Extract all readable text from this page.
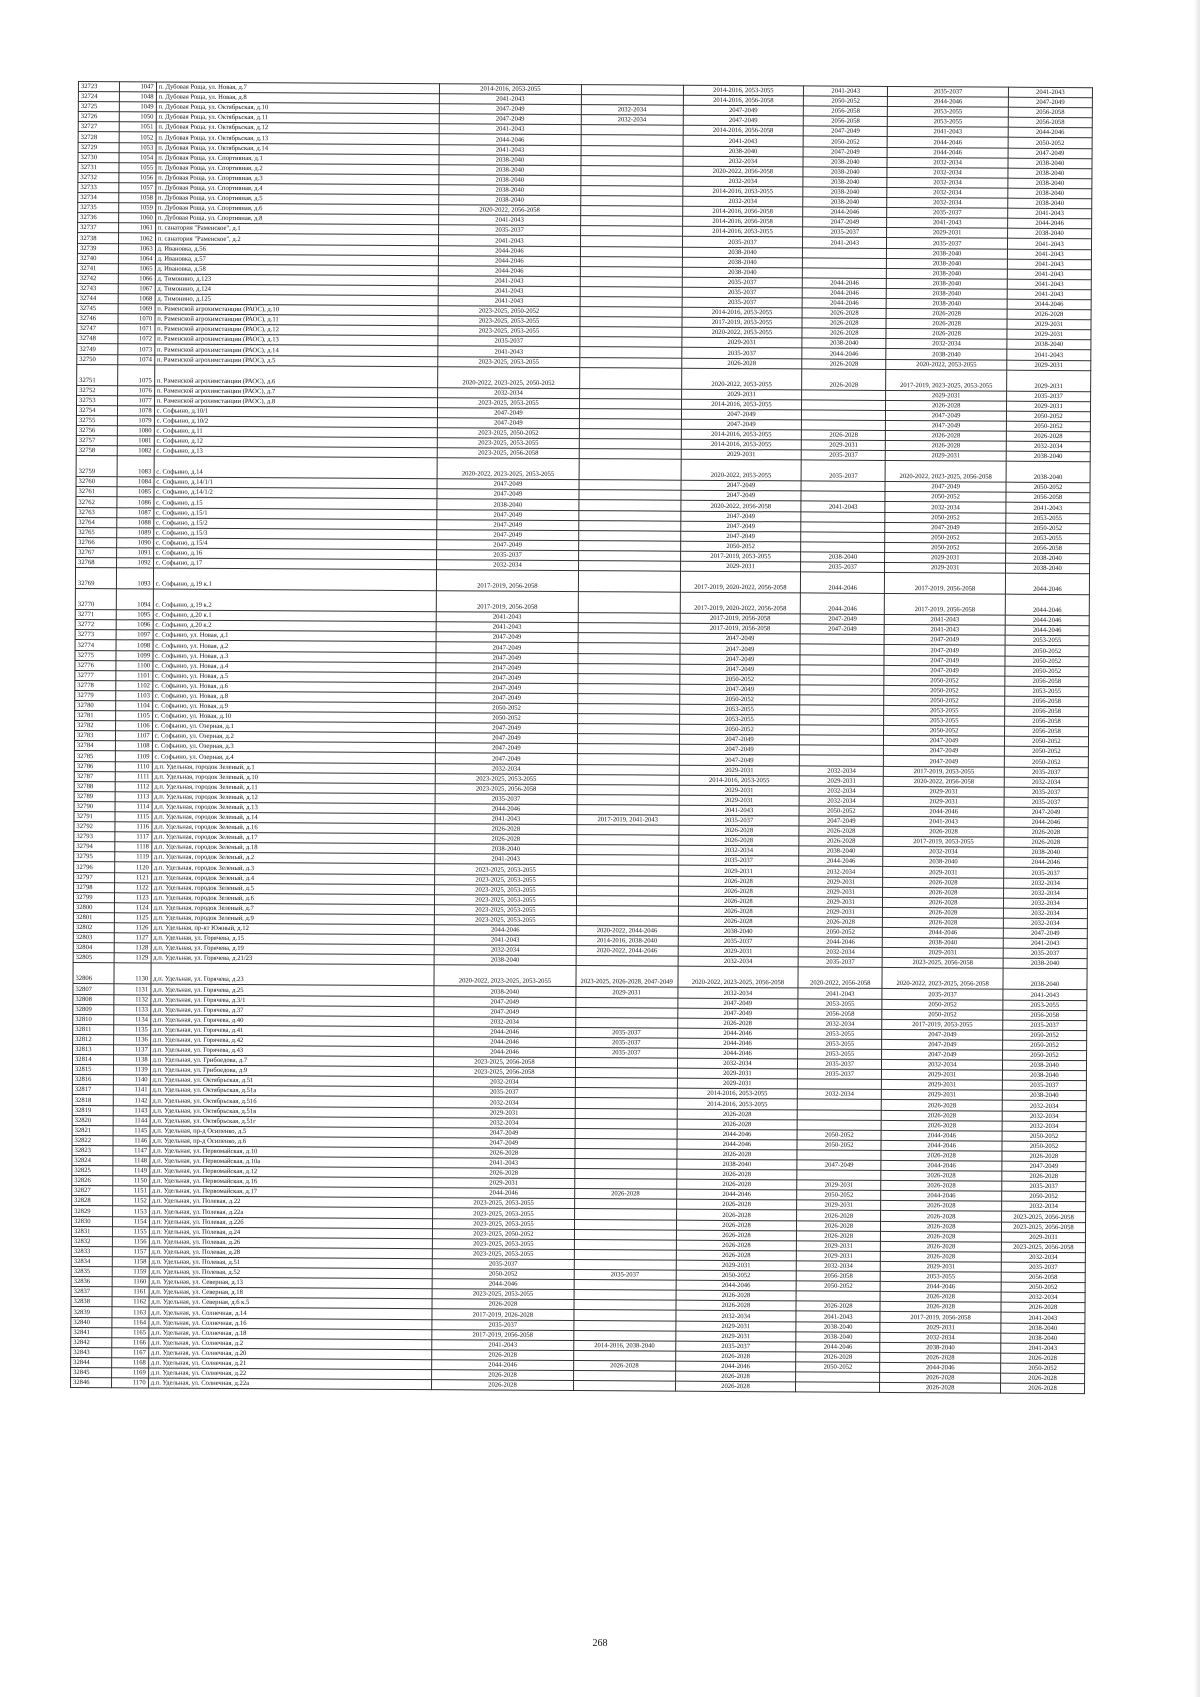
32723	1047	п. Дубовая Роща, ул. Новая, д.7	2014-2016, 2053-2055		2014-2016, 2053-2055	2041-2043	2035-2037	2041-2043
32724	1048	п. Дубовая Роща, ул. Новая, д.8	2041-2043		2014-2016, 2056-2058	2050-2052	2044-2046	2047-2049
32725	1049	п. Дубовая Роща, ул. Октябрьская, д.10	2047-2049	2032-2034	2047-2049	2056-2058	2053-2055	2056-2058
32726	1050	п. Дубовая Роща, ул. Октябрьская, д.11	2047-2049	2032-2034	2047-2049	2056-2058	2053-2055	2056-2058
32727	1051	п. Дубовая Роща, ул. Октябрьская, д.12	2041-2043		2014-2016, 2056-2058	2047-2049	2041-2043	2044-2046
32728	1052	п. Дубовая Роща, ул. Октябрьская, д.13	2044-2046		2041-2043	2050-2052	2044-2046	2050-2052
32729	1053	п. Дубовая Роща, ул. Октябрьская, д.14	2041-2043		2038-2040	2047-2049	2044-2046	2047-2049
32730	1054	п. Дубовая Роща, ул. Спортивная, д.1	2038-2040		2032-2034	2038-2040	2032-2034	2038-2040
32731	1055	п. Дубовая Роща, ул. Спортивная, д.2	2038-2040		2020-2022, 2056-2058	2038-2040	2032-2034	2038-2040
32732	1056	п. Дубовая Роща, ул. Спортивная, д.3	2038-2040		2032-2034	2038-2040	2032-2034	2038-2040
32733	1057	п. Дубовая Роща, ул. Спортивная, д.4	2038-2040		2014-2016, 2053-2055	2038-2040	2032-2034	2038-2040
32734	1058	п. Дубовая Роща, ул. Спортивная, д.5	2038-2040		2032-2034	2038-2040	2032-2034	2038-2040
32735	1059	п. Дубовая Роща, ул. Спортивная, д.6	2020-2022, 2056-2058		2014-2016, 2056-2058	2044-2046	2035-2037	2041-2043
32736	1060	п. Дубовая Роща, ул. Спортивная, д.8	2041-2043		2014-2016, 2056-2058	2047-2049	2041-2043	2044-2046
32737	1061	п. санатория "Раменское", д.1	2035-2037		2014-2016, 2053-2055	2035-2037	2029-2031	2038-2040
32738	1062	п. санатория "Раменское", д.2	2041-2043		2035-2037	2041-2043	2035-2037	2041-2043
32739	1063	д. Ивановка, д.56	2044-2046		2038-2040		2038-2040	2041-2043
32740	1064	д. Ивановка, д.57	2044-2046		2038-2040		2038-2040	2041-2043
32741	1065	д. Ивановка, д.58	2044-2046		2038-2040		2038-2040	2041-2043
32742	1066	д. Тимонино, д.123	2041-2043		2035-2037	2044-2046	2038-2040	2041-2043
32743	1067	д. Тимонино, д.124	2041-2043		2035-2037	2044-2046	2038-2040	2041-2043
32744	1068	д. Тимонино, д.125	2041-2043		2035-2037	2044-2046	2038-2040	2044-2046
32745	1069	п. Раменской агрохимстанции (РАОС), д.10	2023-2025, 2050-2052		2014-2016, 2053-2055	2026-2028	2026-2028	2026-2028
32746	1070	п. Раменской агрохимстанции (РАОС), д.11	2023-2025, 2053-2055		2017-2019, 2053-2055	2026-2028	2026-2028	2029-2031
32747	1071	п. Раменской агрохимстанции (РАОС), д.12	2023-2025, 2053-2055		2020-2022, 2053-2055	2026-2028	2026-2028	2029-2031
32748	1072	п. Раменской агрохимстанции (РАОС), д.13	2035-2037		2029-2031	2038-2040	2032-2034	2038-2040
32749	1073	п. Раменской агрохимстанции (РАОС), д.14	2041-2043		2035-2037	2044-2046	2038-2040	2041-2043
32750	1074	п. Раменской агрохимстанции (РАОС), д.5	2023-2025, 2053-2055		2026-2028	2026-2028	2020-2022, 2053-2055	2029-2031
32751	1075	п. Раменской агрохимстанции (РАОС), д.6	2020-2022, 2023-2025, 2050-2052		2020-2022, 2053-2055	2026-2028	2017-2019, 2023-2025, 2053-2055	2029-2031
32752	1076	п. Раменской агрохимстанции (РАОС), д.7	2032-2034		2029-2031		2029-2031	2035-2037
32753	1077	п. Раменской агрохимстанции (РАОС), д.8	2023-2025, 2053-2055		2014-2016, 2053-2055		2026-2028	2029-2031
32754	1078	с. Софьино, д.10/1	2047-2049		2047-2049		2047-2049	2050-2052
32755	1079	с. Софьино, д.10/2	2047-2049		2047-2049		2047-2049	2050-2052
32756	1080	с. Софьино, д.11	2023-2025, 2050-2052		2014-2016, 2053-2055	2026-2028	2026-2028	2026-2028
32757	1081	с. Софьино, д.12	2023-2025, 2053-2055		2014-2016, 2053-2055	2029-2031	2026-2028	2032-2034
32758	1082	с. Софьино, д.13	2023-2025, 2056-2058		2029-2031	2035-2037	2029-2031	2038-2040
32759	1083	с. Софьино, д.14	2020-2022, 2023-2025, 2053-2055		2020-2022, 2053-2055	2035-2037	2020-2022, 2023-2025, 2056-2058	2038-2040
32760	1084	с. Софьино, д.14/1/1	2047-2049		2047-2049		2047-2049	2050-2052
32761	1085	с. Софьино, д.14/1/2	2047-2049		2047-2049		2050-2052	2056-2058
32762	1086	с. Софьино, д.15	2038-2040		2020-2022, 2056-2058	2041-2043	2032-2034	2041-2043
32763	1087	с. Софьино, д.15/1	2047-2049		2047-2049		2050-2052	2053-2055
32764	1088	с. Софьино, д.15/2	2047-2049		2047-2049		2047-2049	2050-2052
32765	1089	с. Софьино, д.15/3	2047-2049		2047-2049		2050-2052	2053-2055
32766	1090	с. Софьино, д.15/4	2047-2049		2050-2052		2050-2052	2056-2058
32767	1091	с. Софьино, д.16	2035-2037		2017-2019, 2053-2055	2038-2040	2029-2031	2038-2040
32768	1092	с. Софьино, д.17	2032-2034		2029-2031	2035-2037	2029-2031	2038-2040
32769	1093	с. Софьино, д.19 к.1	2017-2019, 2056-2058		2017-2019, 2020-2022, 2056-2058	2044-2046	2017-2019, 2056-2058	2044-2046
32770	1094	с. Софьино, д.19 к.2	2017-2019, 2056-2058		2017-2019, 2020-2022, 2056-2058	2044-2046	2017-2019, 2056-2058	2044-2046
32771	1095	с. Софьино, д.20 к.1	2041-2043		2017-2019, 2056-2058	2047-2049	2041-2043	2044-2046
32772	1096	с. Софьино, д.20 к.2	2041-2043		2017-2019, 2056-2058	2047-2049	2041-2043	2044-2046
32773	1097	с. Софьино, ул. Новая, д.1	2047-2049		2047-2049		2047-2049	2053-2055
32774	1098	с. Софьино, ул. Новая, д.2	2047-2049		2047-2049		2047-2049	2050-2052
32775	1099	с. Софьино, ул. Новая, д.3	2047-2049		2047-2049		2047-2049	2050-2052
32776	1100	с. Софьино, ул. Новая, д.4	2047-2049		2047-2049		2047-2049	2050-2052
32777	1101	с. Софьино, ул. Новая, д.5	2047-2049		2050-2052		2050-2052	2056-2058
32778	1102	с. Софьино, ул. Новая, д.6	2047-2049		2047-2049		2050-2052	2053-2055
32779	1103	с. Софьино, ул. Новая, д.8	2047-2049		2050-2052		2050-2052	2056-2058
32780	1104	с. Софьино, ул. Новая, д.9	2050-2052		2053-2055		2053-2055	2056-2058
32781	1105	с. Софьино, ул. Новая, д.10	2050-2052		2053-2055		2053-2055	2056-2058
32782	1106	с. Софьино, ул. Озерная, д.1	2047-2049		2050-2052		2050-2052	2056-2058
32783	1107	с. Софьино, ул. Озерная, д.2	2047-2049		2047-2049		2047-2049	2050-2052
32784	1108	с. Софьино, ул. Озерная, д.3	2047-2049		2047-2049		2047-2049	2050-2052
32785	1109	с. Софьино, ул. Озерная, д.4	2047-2049		2047-2049		2047-2049	2050-2052
32786	1110	д.п. Удельная, городок Зеленый, д.1	2032-2034		2029-2031	2032-2034	2017-2019, 2053-2055	2035-2037
32787	1111	д.п. Удельная, городок Зеленый, д.10	2023-2025, 2053-2055		2014-2016, 2053-2055	2029-2031	2020-2022, 2056-2058	2032-2034
32788	1112	д.п. Удельная, городок Зеленый, д.11	2023-2025, 2056-2058		2029-2031	2032-2034	2029-2031	2035-2037
32789	1113	д.п. Удельная, городок Зеленый, д.12	2035-2037		2029-2031	2032-2034	2029-2031	2035-2037
32790	1114	д.п. Удельная, городок Зеленый, д.13	2044-2046		2041-2043	2050-2052	2044-2046	2047-2049
32791	1115	д.п. Удельная, городок Зеленый, д.14	2041-2043	2017-2019, 2041-2043	2035-2037	2047-2049	2041-2043	2044-2046
32792	1116	д.п. Удельная, городок Зеленый, д.16	2026-2028		2026-2028	2026-2028	2026-2028	2026-2028
32793	1117	д.п. Удельная, городок Зеленый, д.17	2026-2028		2026-2028	2026-2028	2017-2019, 2053-2055	2026-2028
32794	1118	д.п. Удельная, городок Зеленый, д.18	2038-2040		2032-2034	2038-2040	2032-2034	2038-2040
32795	1119	д.п. Удельная, городок Зеленый, д.2	2041-2043		2035-2037	2044-2046	2038-2040	2044-2046
32796	1120	д.п. Удельная, городок Зеленый, д.3	2023-2025, 2053-2055		2029-2031	2032-2034	2029-2031	2035-2037
32797	1121	д.п. Удельная, городок Зеленый, д.4	2023-2025, 2053-2055		2026-2028	2029-2031	2026-2028	2032-2034
32798	1122	д.п. Удельная, городок Зеленый, д.5	2023-2025, 2053-2055		2026-2028	2029-2031	2026-2028	2032-2034
32799	1123	д.п. Удельная, городок Зеленый, д.6	2023-2025, 2053-2055		2026-2028	2029-2031	2026-2028	2032-2034
32800	1124	д.п. Удельная, городок Зеленый, д.7	2023-2025, 2053-2055		2026-2028	2029-2031	2026-2028	2032-2034
32801	1125	д.п. Удельная, городок Зеленый, д.9	2023-2025, 2053-2055		2026-2028	2026-2028	2026-2028	2032-2034
32802	1126	д.п. Удельная, пр-кт Южный, д.12	2044-2046	2020-2022, 2044-2046	2038-2040	2050-2052	2044-2046	2047-2049
32803	1127	д.п. Удельная, ул. Горячева, д.15	2041-2043	2014-2016, 2038-2040	2035-2037	2044-2046	2038-2040	2041-2043
32804	1128	д.п. Удельная, ул. Горячева, д.19	2032-2034	2020-2022, 2044-2046	2029-2031	2032-2034	2029-2031	2035-2037
32805	1129	д.п. Удельная, ул. Горячева, д.21/23	2038-2040		2032-2034	2035-2037	2023-2025, 2056-2058	2038-2040
32806	1130	д.п. Удельная, ул. Горячева, д.23	2020-2022, 2023-2025, 2053-2055	2023-2025, 2026-2028, 2047-2049	2020-2022, 2023-2025, 2056-2058	2020-2022, 2056-2058	2020-2022, 2023-2025, 2056-2058	2038-2040
32807	1131	д.п. Удельная, ул. Горячева, д.25	2038-2040	2029-2031	2032-2034	2041-2043	2035-2037	2041-2043
32808	1132	д.п. Удельная, ул. Горячева, д.3/1	2047-2049		2047-2049	2053-2055	2050-2052	2053-2055
32809	1133	д.п. Удельная, ул. Горячева, д.37	2047-2049		2047-2049	2056-2058	2050-2052	2056-2058
32810	1134	д.п. Удельная, ул. Горячева, д.40	2032-2034		2026-2028	2032-2034	2017-2019, 2053-2055	2035-2037
32811	1135	д.п. Удельная, ул. Горячева, д.41	2044-2046	2035-2037	2044-2046	2053-2055	2047-2049	2050-2052
32812	1136	д.п. Удельная, ул. Горячева, д.42	2044-2046	2035-2037	2044-2046	2053-2055	2047-2049	2050-2052
32813	1137	д.п. Удельная, ул. Горячева, д.43	2044-2046	2035-2037	2044-2046	2053-2055	2047-2049	2050-2052
32814	1138	д.п. Удельная, ул. Грибоедова, д.7	2023-2025, 2056-2058		2032-2034	2035-2037	2032-2034	2038-2040
32815	1139	д.п. Удельная, ул. Грибоедова, д.9	2023-2025, 2056-2058		2029-2031	2035-2037	2029-2031	2038-2040
32816	1140	д.п. Удельная, ул. Октябрьская, д.51	2032-2034		2029-2031		2029-2031	2035-2037
32817	1141	д.п. Удельная, ул. Октябрьская, д.51а	2035-2037		2014-2016, 2053-2055	2032-2034	2029-2031	2038-2040
32818	1142	д.п. Удельная, ул. Октябрьская, д.51б	2032-2034		2014-2016, 2053-2055		2026-2028	2032-2034
32819	1143	д.п. Удельная, ул. Октябрьская, д.51в	2029-2031		2026-2028		2026-2028	2032-2034
32820	1144	д.п. Удельная, ул. Октябрьская, д.51г	2032-2034		2026-2028		2026-2028	2032-2034
32821	1145	д.п. Удельная, пр-д Осипенко, д.5	2047-2049		2044-2046	2050-2052	2044-2046	2050-2052
32822	1146	д.п. Удельная, пр-д Осипенко, д.6	2047-2049		2044-2046	2050-2052	2044-2046	2050-2052
32823	1147	д.п. Удельная, ул. Первомайская, д.10	2026-2028		2026-2028		2026-2028	2026-2028
32824	1148	д.п. Удельная, ул. Первомайская, д.10а	2041-2043		2038-2040	2047-2049	2044-2046	2047-2049
32825	1149	д.п. Удельная, ул. Первомайская, д.12	2026-2028		2026-2028		2026-2028	2026-2028
32826	1150	д.п. Удельная, ул. Первомайская, д.16	2029-2031		2026-2028	2029-2031	2026-2028	2035-2037
32827	1151	д.п. Удельная, ул. Первомайская, д.17	2044-2046	2026-2028	2044-2046	2050-2052	2044-2046	2050-2052
32828	1152	д.п. Удельная, ул. Полевая, д.22	2023-2025, 2053-2055		2026-2028	2029-2031	2026-2028	2032-2034
32829	1153	д.п. Удельная, ул. Полевая, д.22а	2023-2025, 2053-2055		2026-2028	2026-2028	2026-2028	2023-2025, 2056-2058
32830	1154	д.п. Удельная, ул. Полевая, д.22б	2023-2025, 2053-2055		2026-2028	2026-2028	2026-2028	2023-2025, 2056-2058
32831	1155	д.п. Удельная, ул. Полевая, д.24	2023-2025, 2050-2052		2026-2028	2026-2028	2026-2028	2029-2031
32832	1156	д.п. Удельная, ул. Полевая, д.26	2023-2025, 2053-2055		2026-2028	2029-2031	2026-2028	2023-2025, 2056-2058
32833	1157	д.п. Удельная, ул. Полевая, д.28	2023-2025, 2053-2055		2026-2028	2029-2031	2026-2028	2032-2034
32834	1158	д.п. Удельная, ул. Полевая, д.51	2035-2037		2029-2031	2032-2034	2029-2031	2035-2037
32835	1159	д.п. Удельная, ул. Полевая, д.52	2050-2052	2035-2037	2050-2052	2056-2058	2053-2055	2056-2058
32836	1160	д.п. Удельная, ул. Северная, д.13	2044-2046		2044-2046	2050-2052	2044-2046	2050-2052
32837	1161	д.п. Удельная, ул. Северная, д.18	2023-2025, 2053-2055		2026-2028		2026-2028	2032-2034
32838	1162	д.п. Удельная, ул. Северная, д.6 к.5	2026-2028		2026-2028	2026-2028	2026-2028	2026-2028
32839	1163	д.п. Удельная, ул. Солнечная, д.14	2017-2019, 2026-2028		2032-2034	2041-2043	2017-2019, 2056-2058	2041-2043
32840	1164	д.п. Удельная, ул. Солнечная, д.16	2035-2037		2029-2031	2038-2040	2029-2031	2038-2040
32841	1165	д.п. Удельная, ул. Солнечная, д.18	2017-2019, 2056-2058		2029-2031	2038-2040	2032-2034	2038-2040
32842	1166	д.п. Удельная, ул. Солнечная, д.2	2041-2043	2014-2016, 2038-2040	2035-2037	2044-2046	2038-2040	2041-2043
32843	1167	д.п. Удельная, ул. Солнечная, д.20	2026-2028		2026-2028	2026-2028	2026-2028	2026-2028
32844	1168	д.п. Удельная, ул. Солнечная, д.21	2044-2046	2026-2028	2044-2046	2050-2052	2044-2046	2050-2052
32845	1169	д.п. Удельная, ул. Солнечная, д.22	2026-2028		2026-2028		2026-2028	2026-2028
32846	1170	д.п. Удельная, ул. Солнечная, д.22а	2026-2028		2026-2028		2026-2028	2026-2028
268
